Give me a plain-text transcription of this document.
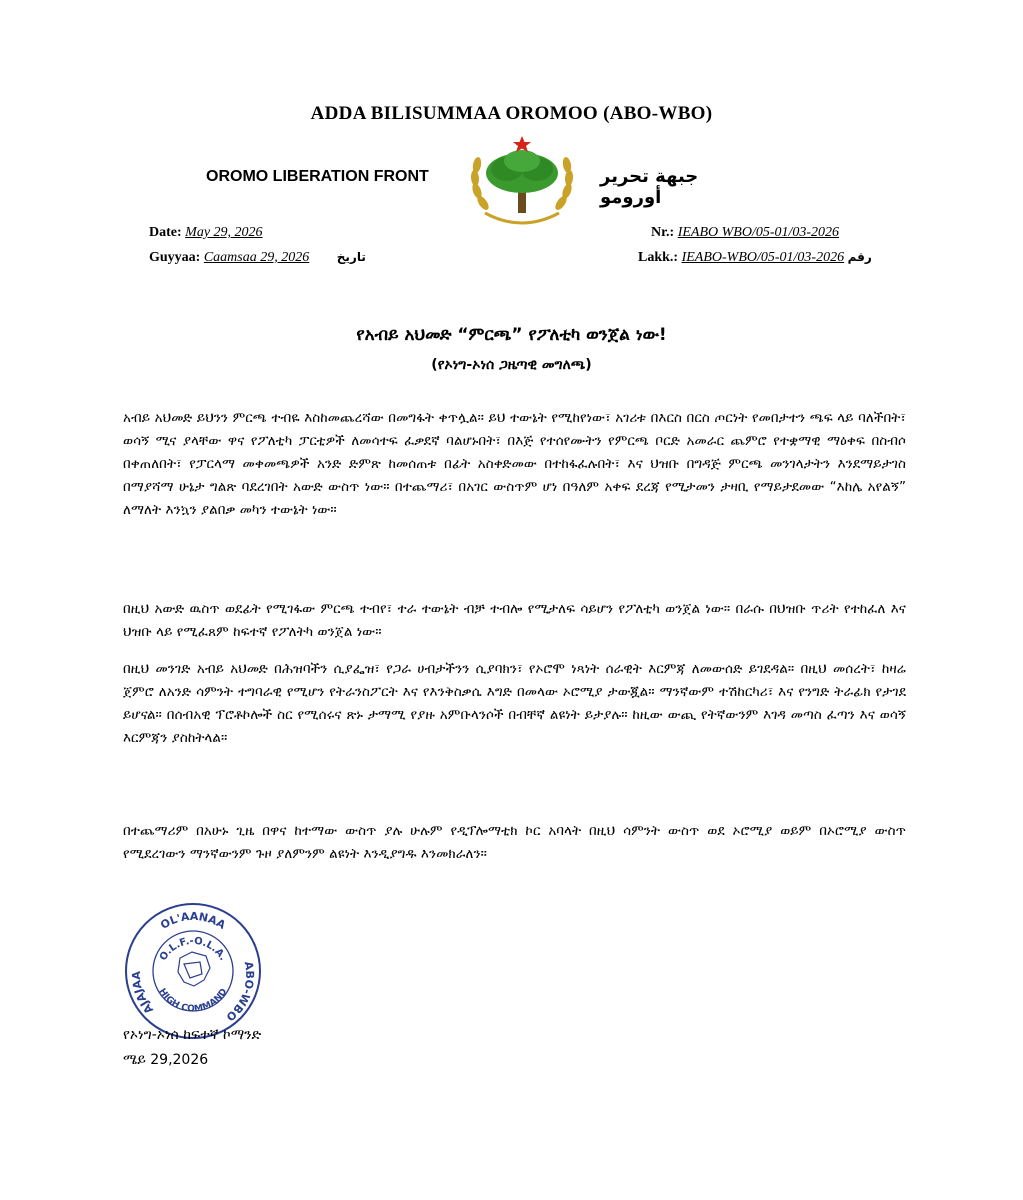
ADDA BILISUMMAA OROMOO (ABO-WBO)
OROMO LIBERATION FRONT	جبهة تحرير أورومو
Date: May 29, 2026
Guyyaa: Caamsaa 29, 2026 تاريخ
Nr.: IEABO WBO/05-01/03-2026
Lakk.: IEABO-WBO/05-01/03-2026 رقم
የአብይ አህመድ “ምርጫ” የፖለቲካ ወንጀል ነው!
(የኦነግ-ኦነሰ ጋዜጣዊ መግለጫ)

አብይ አህመድ ይህንን ምርጫ ተብዬ እስከመጨረሻው በመግፋት ቀጥሏል። ይህ ተውኔት የሚከየነው፣ አገሪቱ በእርስ በርስ ጦርነት የመበታተን ጫፍ ላይ ባለችበት፣ ወሳኝ ሚና ያላቸው ዋና የፖለቲካ ፓርቲዎች ለመሳተፍ ፈቃደኛ ባልሆኑበት፣ በእጅ የተሰየሙትን የምርጫ ቦርድ አመራር ጨምሮ የተቋማዊ ማዕቀፍ በስብሶ በቀጠለበት፣ የፓርላማ መቀመጫዎች አንድ ድምጽ ከመሰጠቱ በፊት አስቀድመው በተከፋፈሉበት፣ እና ህዝቡ በግዳጅ ምርጫ መንገላታትን እንደማይታገስ በማያሻማ ሁኔታ ግልጽ ባደረገበት አውድ ውስጥ ነው። በተጨማሪ፣ በአገር ውስጥም ሆነ በዓለም አቀፍ ደረጃ የሚታመን ታዛቢ የማይታደመው “እከሌ አየልኝ” ለማለት እንኳን ያልበቃ መካን ተውኔት ነው።

በዚህ አውድ ዉስጥ ወደፊት የሚገፋው ምርጫ ተብየ፣ ተራ ተውኔት ብቻ ተብሎ የሚታለፍ ሳይሆን የፖለቲካ ወንጀል ነው። በራሱ በህዝቡ ጥሪት የተከፈለ እና ህዝቡ ላይ የሚፈጸም ከፍተኛ የፖለትካ ወንጀል ነው።

በዚህ መንገድ አብይ አህመድ በሕዝባችን ሲያፌዝ፣ የጋራ ሀብታችንን ሲያባክን፣ የኦሮሞ ነጻነት ሰራዊት እርምጃ ለመውሰድ ይገደዳል። በዚህ መሰረት፣ ከዛሬ ጀምሮ ለአንድ ሳምንት ተግባራዊ የሚሆን የትራንስፖርት እና የእንቅስቃሴ እግድ በመላው ኦሮሚያ ታውጇል። ማንኛውም ተሽከርካሪ፣ እና የንግድ ትራፊክ የታገደ ይሆናል። በሰብአዊ ፕሮቶኮሎች ስር የሚሰሩና ጽኑ ታማሚ የያዙ አምቡላንሶች በብቸኛ ልዩነት ይታያሉ። ከዚው ውጪ የትኛውንም እገዳ መጣስ ፈጣን እና ወሳኝ እርምጃን ያስከትላል።

በተጨማሪም በአሁኑ ጊዜ በዋና ከተማው ውስጥ ያሉ ሁሉም የዲፕሎማቲክ ኮር አባላት በዚህ ሳምንት ውስጥ ወደ ኦሮሚያ ወይም በኦሮሚያ ውስጥ የሚደረገውን ማንኛውንም ጉዞ ያለምንም ልዩነት እንዲያግዱ እንመክራለን።

OL'AANAA
AJAJAA
ABO-WBO
O.L.F.-O.L.A.
HIGH COMMAND
የኦነግ-ኦነሰ ከፍተኛ ኮማንድ
ሜይ 29,2026
